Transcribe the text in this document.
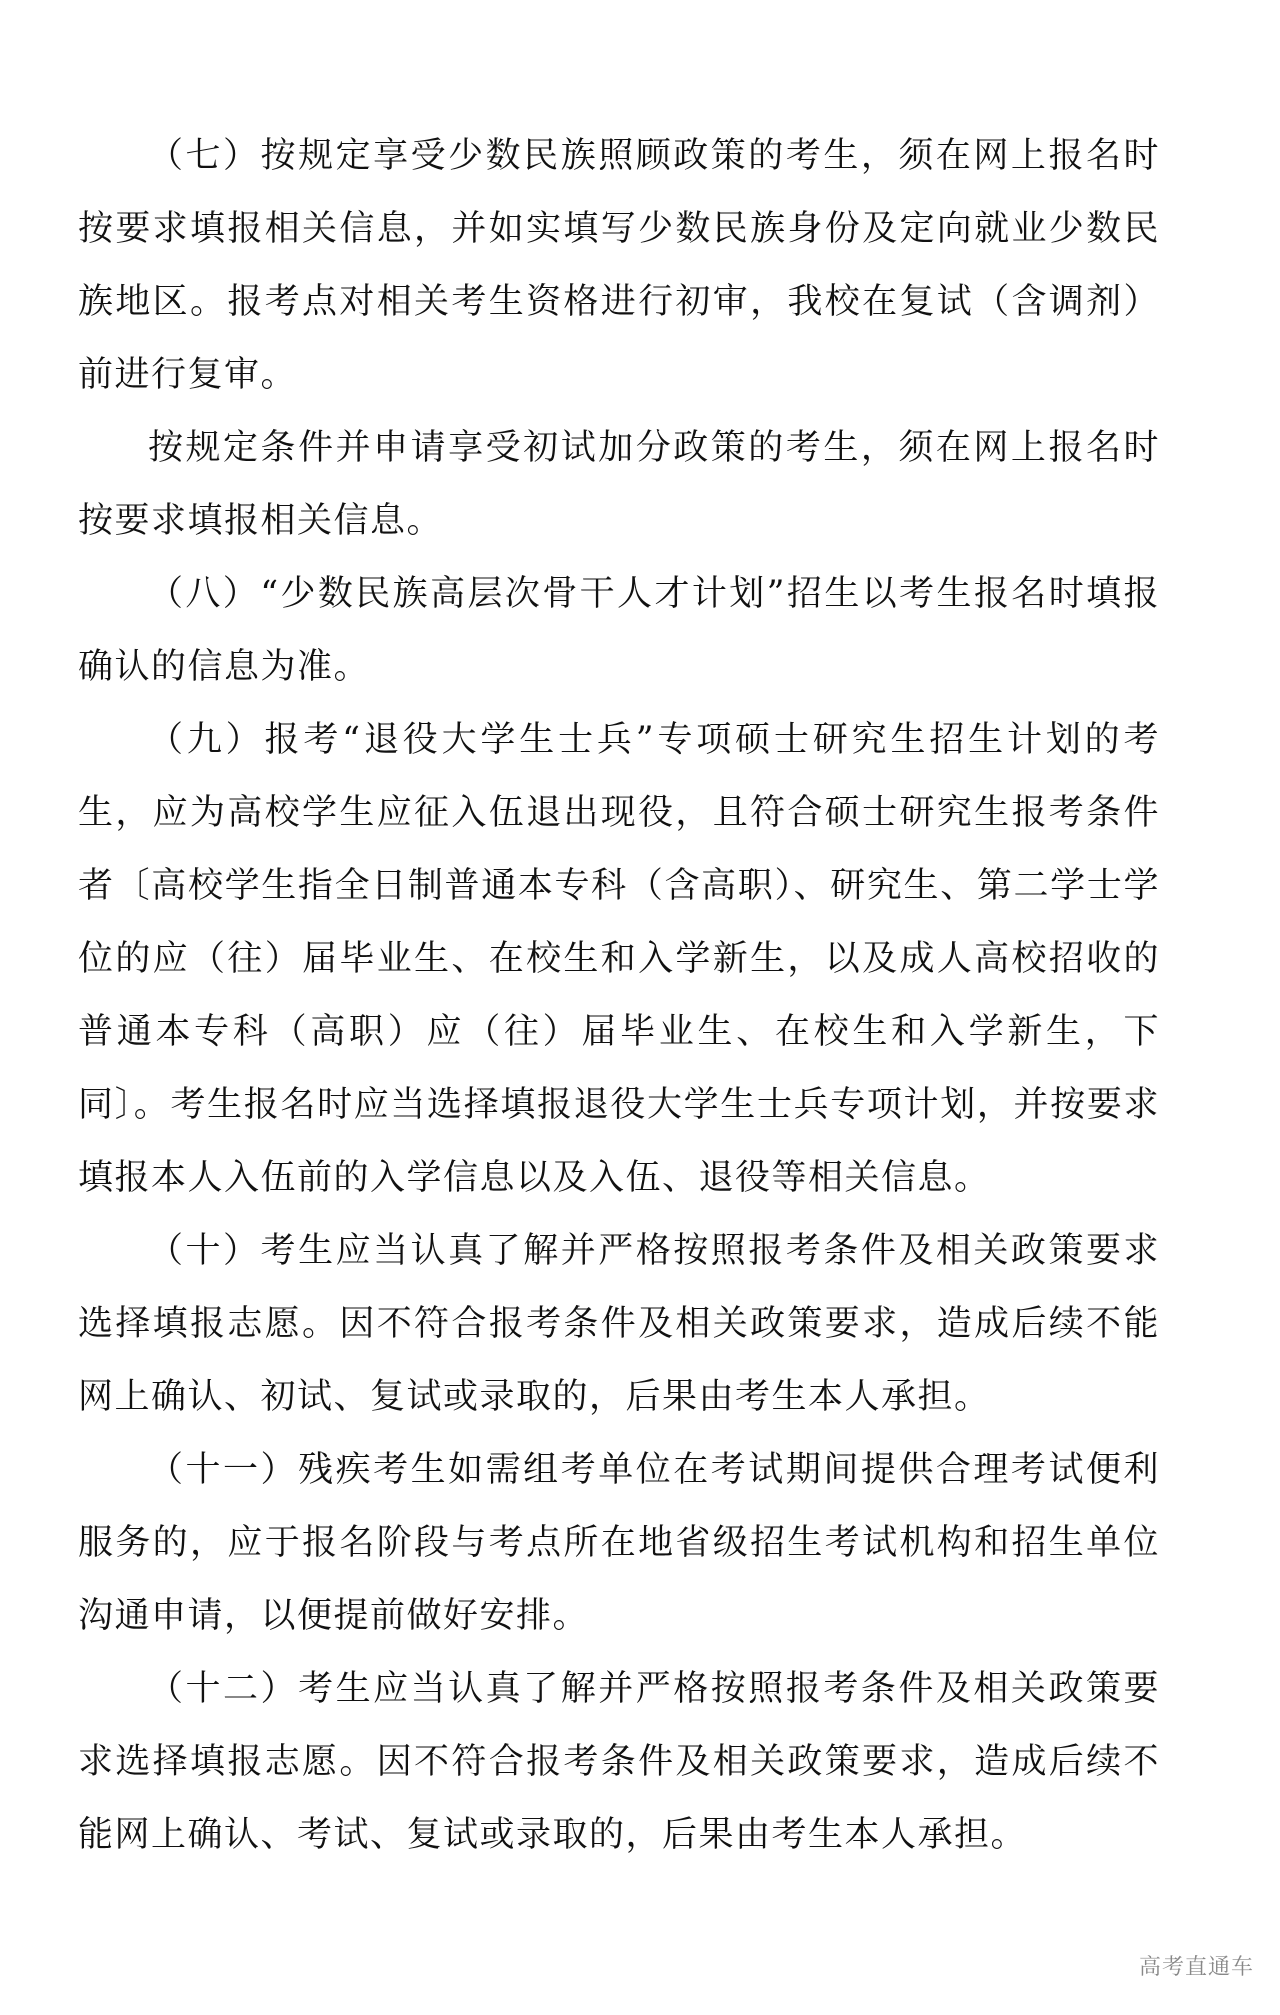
（七）按规定享受少数民族照顾政策的考生，须在网上报名时按要求填报相关信息，并如实填写少数民族身份及定向就业少数民族地区。报考点对相关考生资格进行初审，我校在复试（含调剂）前进行复审。

按规定条件并申请享受初试加分政策的考生，须在网上报名时按要求填报相关信息。

（八）“少数民族高层次骨干人才计划”招生以考生报名时填报确认的信息为准。

（九）报考“退役大学生士兵”专项硕士研究生招生计划的考生，应为高校学生应征入伍退出现役，且符合硕士研究生报考条件者〔高校学生指全日制普通本专科（含高职）、研究生、第二学士学位的应（往）届毕业生、在校生和入学新生，以及成人高校招收的普通本专科（高职）应（往）届毕业生、在校生和入学新生，下同〕。考生报名时应当选择填报退役大学生士兵专项计划，并按要求填报本人入伍前的入学信息以及入伍、退役等相关信息。

（十）考生应当认真了解并严格按照报考条件及相关政策要求选择填报志愿。因不符合报考条件及相关政策要求，造成后续不能网上确认、初试、复试或录取的，后果由考生本人承担。

（十一）残疾考生如需组考单位在考试期间提供合理考试便利服务的，应于报名阶段与考点所在地省级招生考试机构和招生单位沟通申请，以便提前做好安排。

（十二）考生应当认真了解并严格按照报考条件及相关政策要求选择填报志愿。因不符合报考条件及相关政策要求，造成后续不能网上确认、考试、复试或录取的，后果由考生本人承担。

高考直通车
